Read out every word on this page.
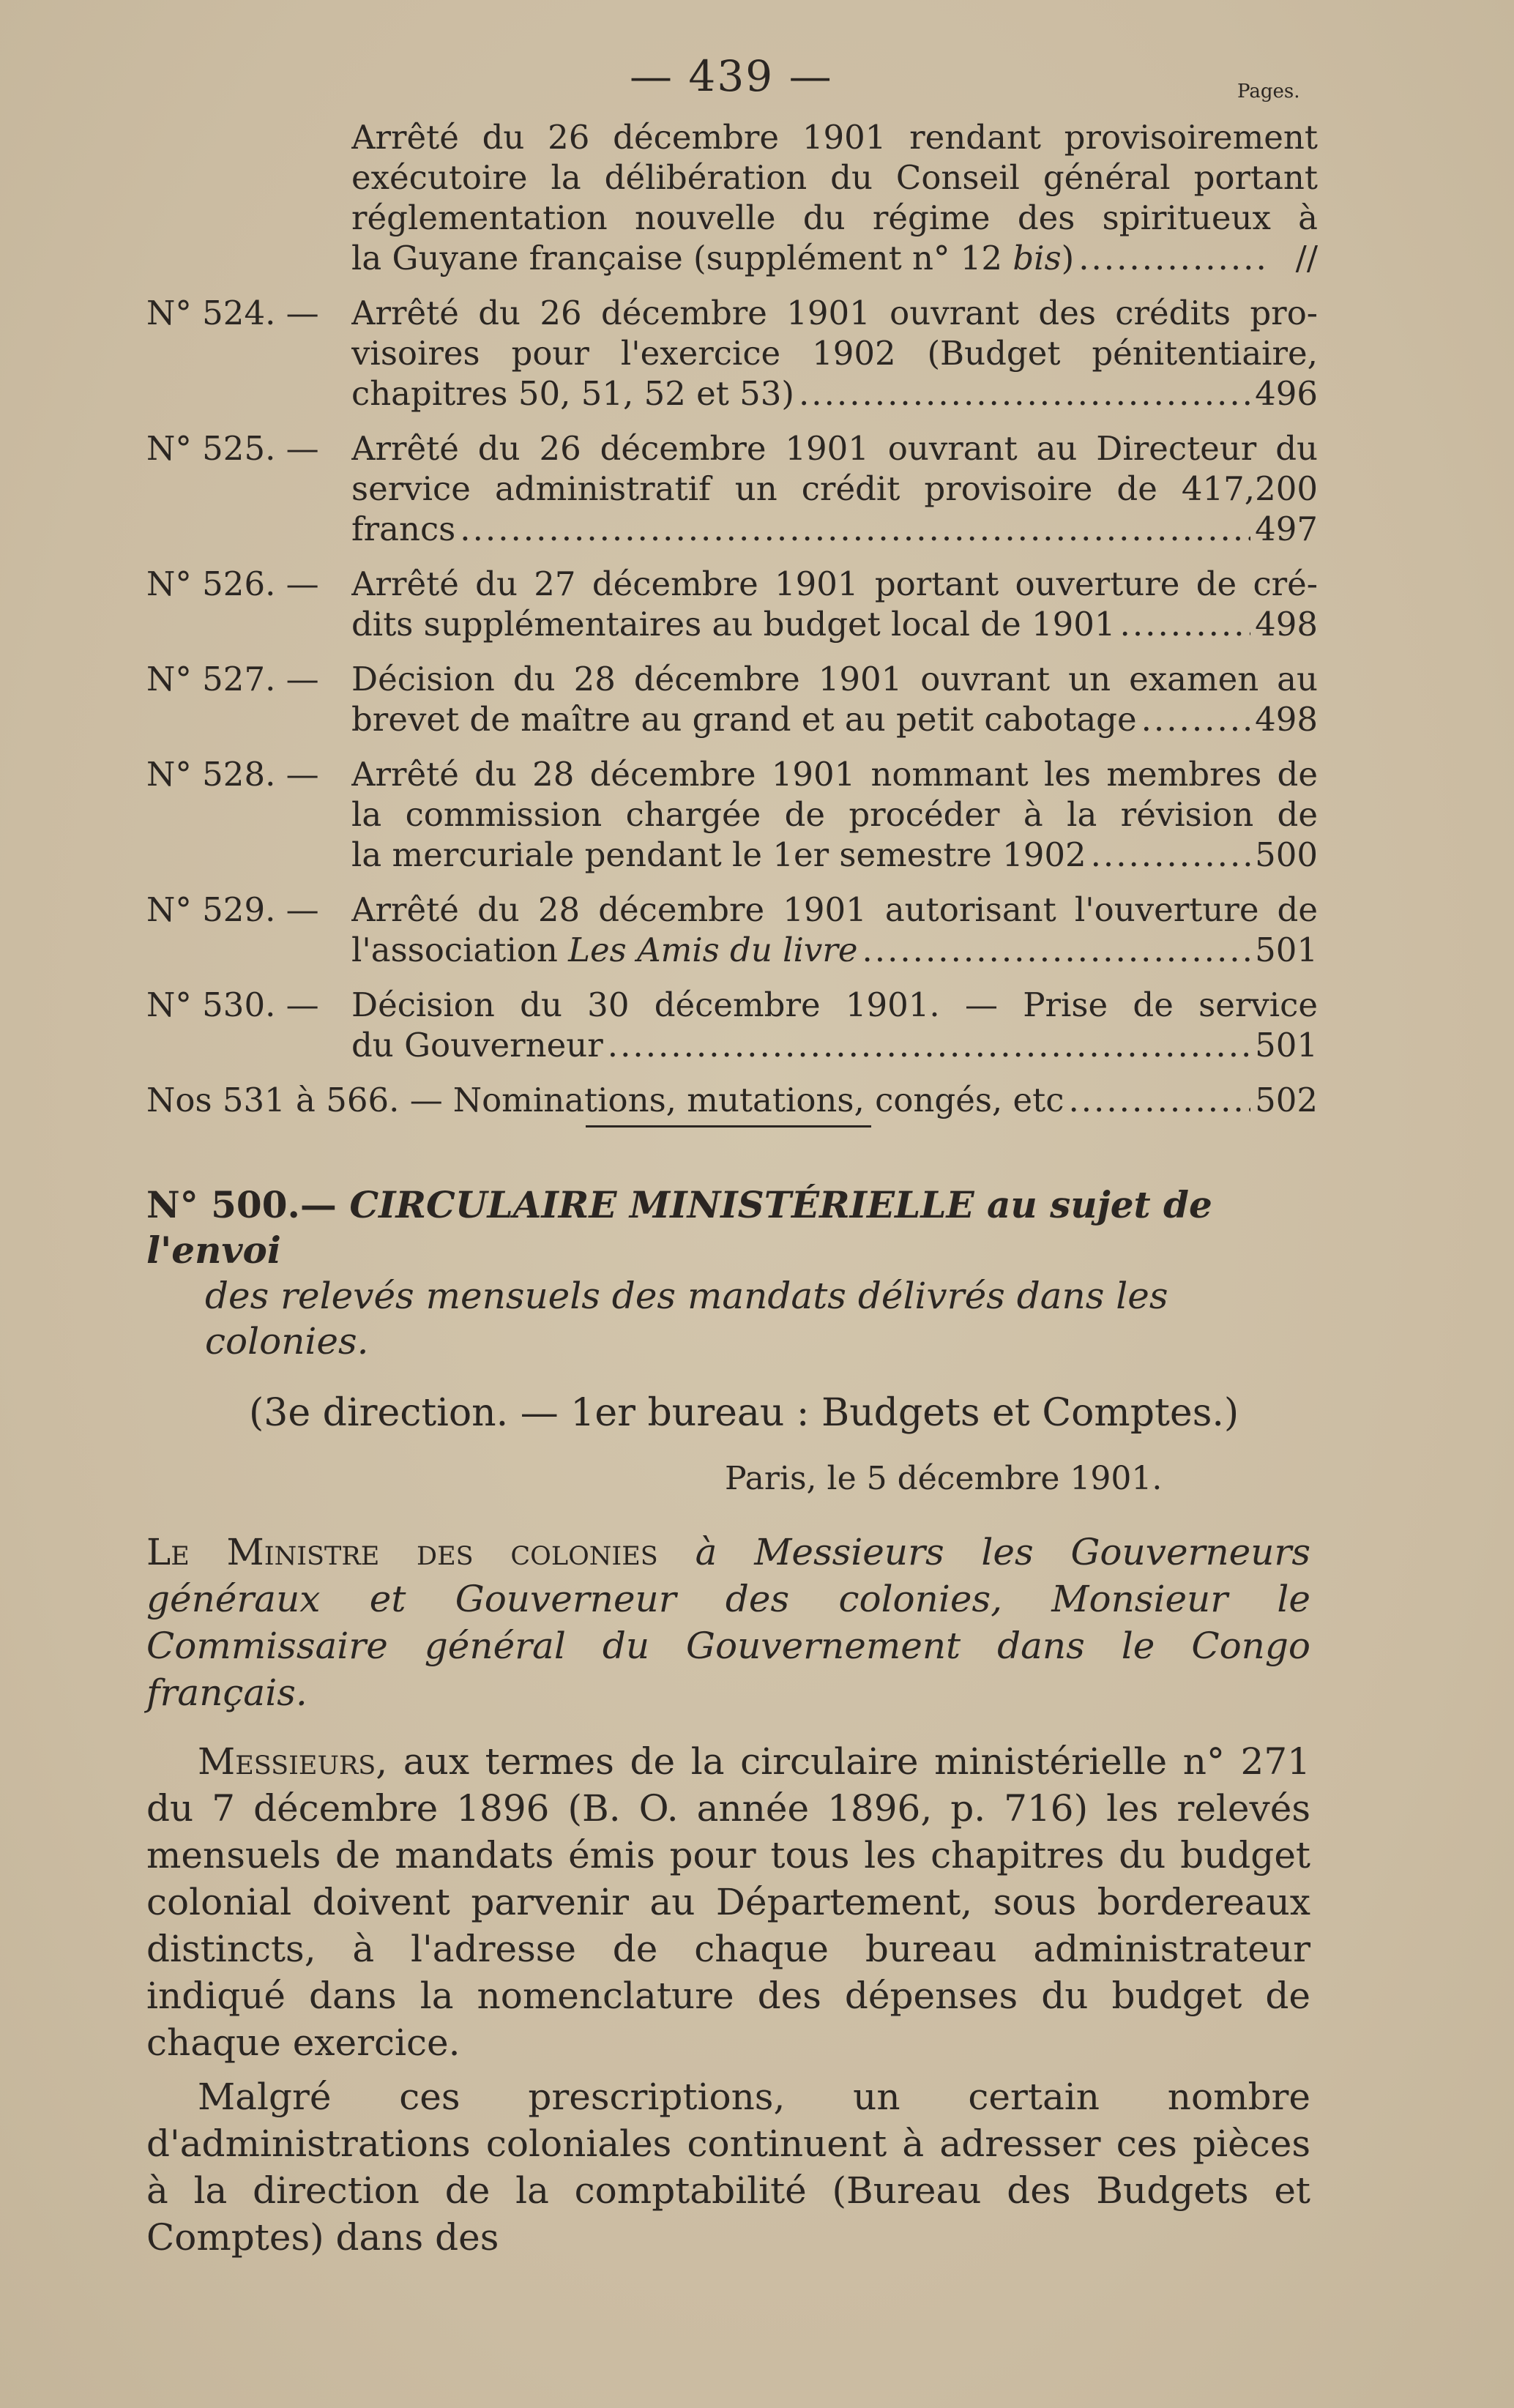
— 439 —	Pages.
Arrêté du 26 décembre 1901 rendant provisoirement
exécutoire la délibération du Conseil général portant
réglementation nouvelle du régime des spiritueux à
la Guyane française (supplément n° 12 bis) .....	//
N° 524. — Arrêté du 26 décembre 1901 ouvrant des crédits pro-
visoires pour l'exercice 1902 (Budget pénitentiaire,
chapitres 50, 51, 52 et 53) .....	496
N° 525. — Arrêté du 26 décembre 1901 ouvrant au Directeur du
service administratif un crédit provisoire de 417,200
francs .....	497
N° 526. — Arrêté du 27 décembre 1901 portant ouverture de cré-
dits supplémentaires au budget local de 1901 .....	498
N° 527. — Décision du 28 décembre 1901 ouvrant un examen au
brevet de maître au grand et au petit cabotage .....	498
N° 528. — Arrêté du 28 décembre 1901 nommant les membres de
la commission chargée de procéder à la révision de
la mercuriale pendant le 1er semestre 1902 .....	500
N° 529. — Arrêté du 28 décembre 1901 autorisant l'ouverture de
l'association Les Amis du livre .....	501
N° 530. — Décision du 30 décembre 1901. — Prise de service
du Gouverneur .....	501
Nos 531 à 566. — Nominations, mutations, congés, etc .....	502
N° 500.— CIRCULAIRE MINISTÉRIELLE au sujet de l'envoi
des relevés mensuels des mandats délivrés dans les colonies.
(3e direction. — 1er bureau : Budgets et Comptes.)
Paris, le 5 décembre 1901.
Le Ministre des colonies à Messieurs les Gouverneurs généraux et Gouverneur des colonies, Monsieur le Commissaire général du Gouvernement dans le Congo français.

Messieurs, aux termes de la circulaire ministérielle n° 271 du 7 décembre 1896 (B. O. année 1896, p. 716) les relevés mensuels de mandats émis pour tous les chapitres du budget colonial doivent parvenir au Département, sous bordereaux distincts, à l'adresse de chaque bureau administrateur indiqué dans la nomenclature des dépenses du budget de chaque exercice.

Malgré ces prescriptions, un certain nombre d'administrations coloniales continuent à adresser ces pièces à la direction de la comptabilité (Bureau des Budgets et Comptes) dans des
